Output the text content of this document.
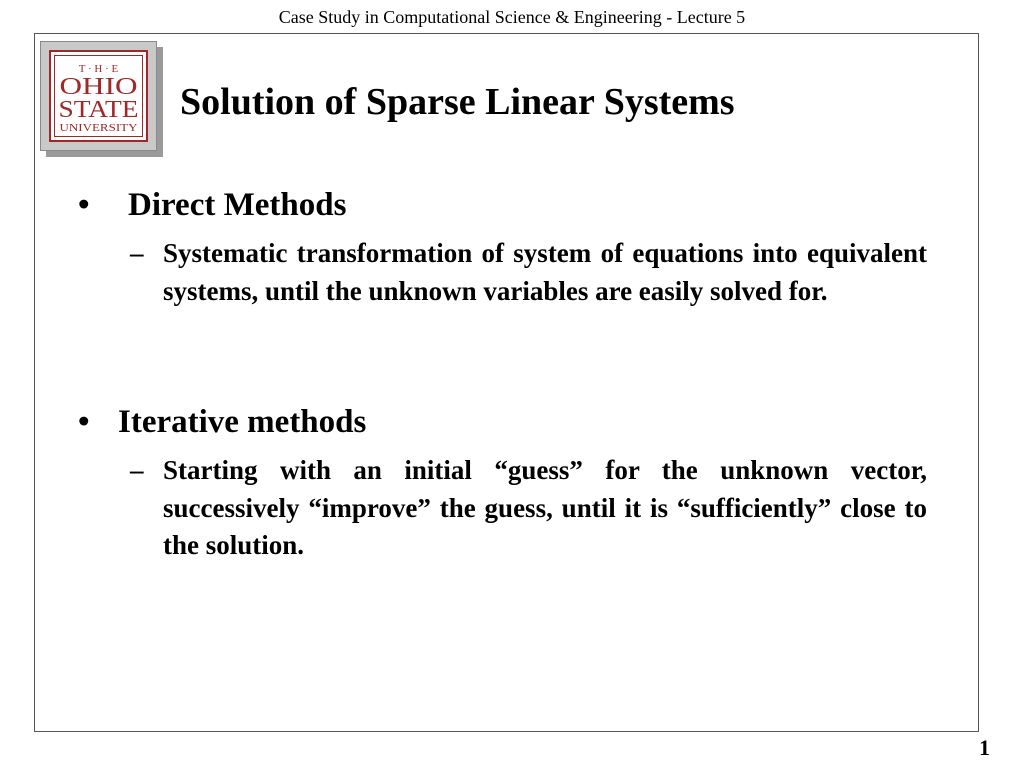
Case Study in Computational Science & Engineering - Lecture 5
T · H · E
OHIO
STATE
UNIVERSITY
Solution of Sparse Linear Systems
• Direct Methods
– Systematic transformation of system of equations into equivalent systems, until the unknown variables are easily solved for.
• Iterative methods
– Starting with an initial “guess” for the unknown vector, successively “improve” the guess, until it is “sufficiently” close to the solution.
1
